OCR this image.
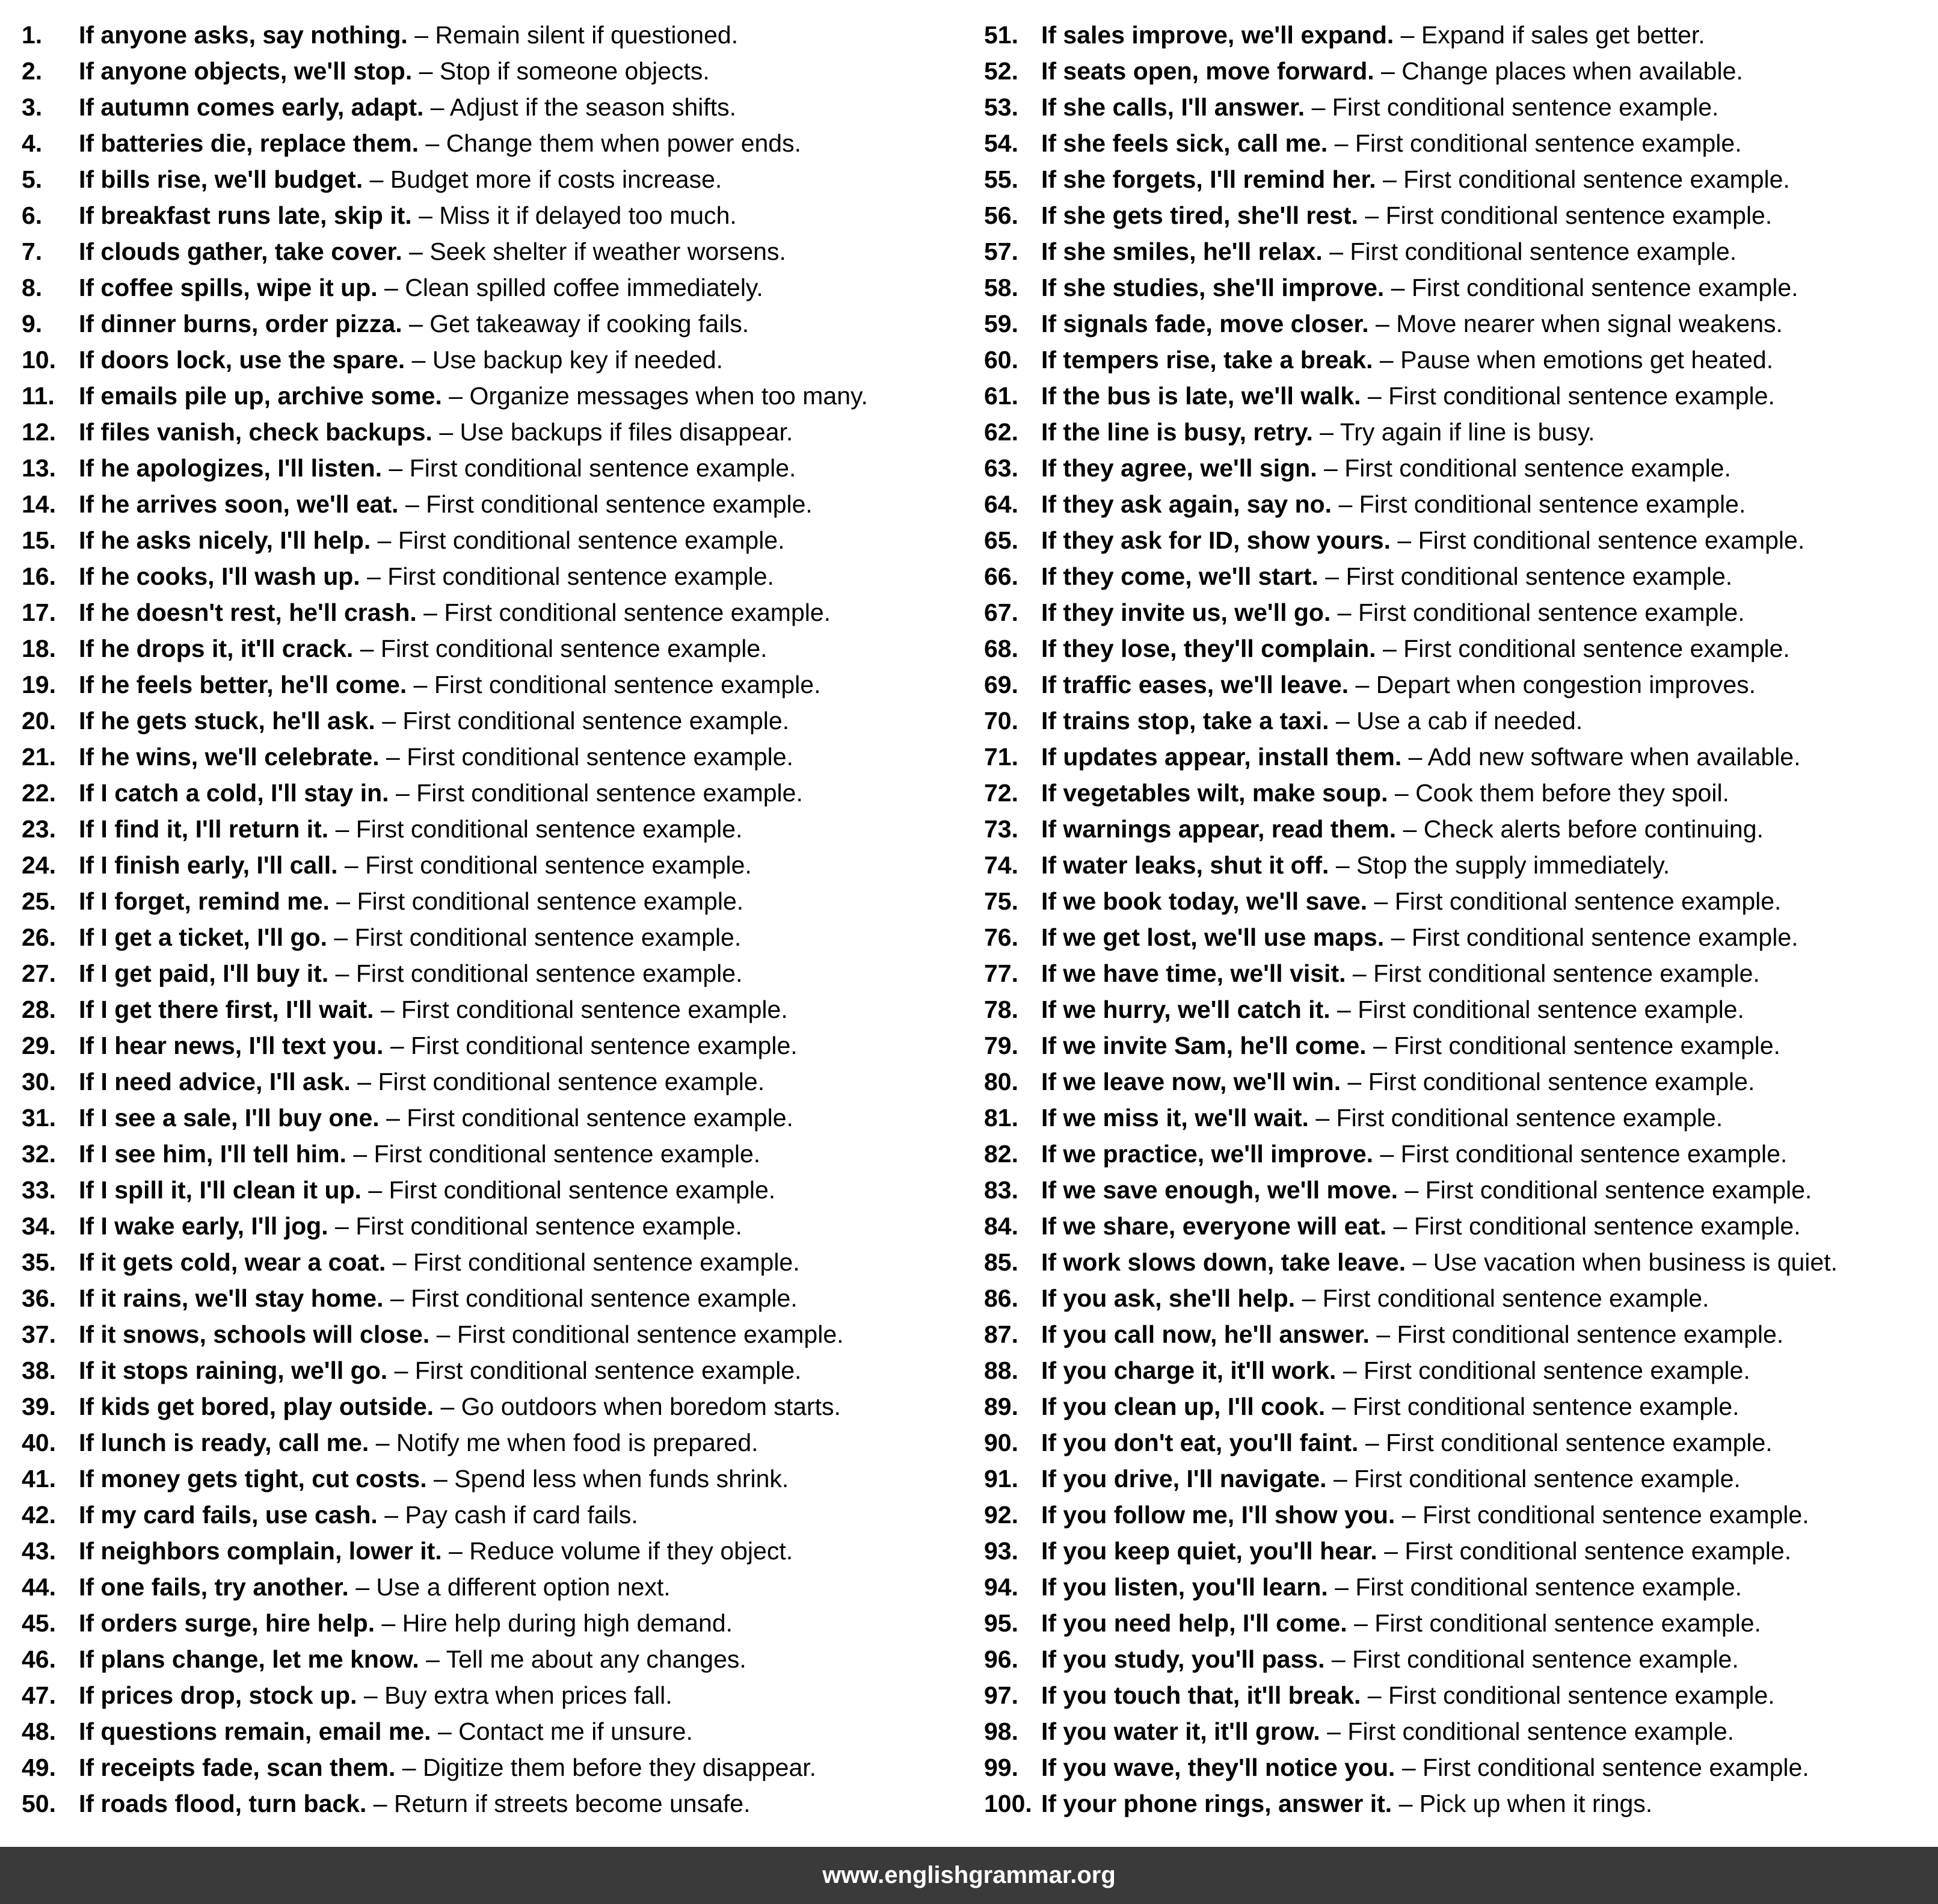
1. If anyone asks, say nothing. – Remain silent if questioned.
2. If anyone objects, we'll stop. – Stop if someone objects.
3. If autumn comes early, adapt. – Adjust if the season shifts.
4. If batteries die, replace them. – Change them when power ends.
5. If bills rise, we'll budget. – Budget more if costs increase.
6. If breakfast runs late, skip it. – Miss it if delayed too much.
7. If clouds gather, take cover. – Seek shelter if weather worsens.
8. If coffee spills, wipe it up. – Clean spilled coffee immediately.
9. If dinner burns, order pizza. – Get takeaway if cooking fails.
10. If doors lock, use the spare. – Use backup key if needed.
11. If emails pile up, archive some. – Organize messages when too many.
12. If files vanish, check backups. – Use backups if files disappear.
13. If he apologizes, I'll listen. – First conditional sentence example.
14. If he arrives soon, we'll eat. – First conditional sentence example.
15. If he asks nicely, I'll help. – First conditional sentence example.
16. If he cooks, I'll wash up. – First conditional sentence example.
17. If he doesn't rest, he'll crash. – First conditional sentence example.
18. If he drops it, it'll crack. – First conditional sentence example.
19. If he feels better, he'll come. – First conditional sentence example.
20. If he gets stuck, he'll ask. – First conditional sentence example.
21. If he wins, we'll celebrate. – First conditional sentence example.
22. If I catch a cold, I'll stay in. – First conditional sentence example.
23. If I find it, I'll return it. – First conditional sentence example.
24. If I finish early, I'll call. – First conditional sentence example.
25. If I forget, remind me. – First conditional sentence example.
26. If I get a ticket, I'll go. – First conditional sentence example.
27. If I get paid, I'll buy it. – First conditional sentence example.
28. If I get there first, I'll wait. – First conditional sentence example.
29. If I hear news, I'll text you. – First conditional sentence example.
30. If I need advice, I'll ask. – First conditional sentence example.
31. If I see a sale, I'll buy one. – First conditional sentence example.
32. If I see him, I'll tell him. – First conditional sentence example.
33. If I spill it, I'll clean it up. – First conditional sentence example.
34. If I wake early, I'll jog. – First conditional sentence example.
35. If it gets cold, wear a coat. – First conditional sentence example.
36. If it rains, we'll stay home. – First conditional sentence example.
37. If it snows, schools will close. – First conditional sentence example.
38. If it stops raining, we'll go. – First conditional sentence example.
39. If kids get bored, play outside. – Go outdoors when boredom starts.
40. If lunch is ready, call me. – Notify me when food is prepared.
41. If money gets tight, cut costs. – Spend less when funds shrink.
42. If my card fails, use cash. – Pay cash if card fails.
43. If neighbors complain, lower it. – Reduce volume if they object.
44. If one fails, try another. – Use a different option next.
45. If orders surge, hire help. – Hire help during high demand.
46. If plans change, let me know. – Tell me about any changes.
47. If prices drop, stock up. – Buy extra when prices fall.
48. If questions remain, email me. – Contact me if unsure.
49. If receipts fade, scan them. – Digitize them before they disappear.
50. If roads flood, turn back. – Return if streets become unsafe.
51. If sales improve, we'll expand. – Expand if sales get better.
52. If seats open, move forward. – Change places when available.
53. If she calls, I'll answer. – First conditional sentence example.
54. If she feels sick, call me. – First conditional sentence example.
55. If she forgets, I'll remind her. – First conditional sentence example.
56. If she gets tired, she'll rest. – First conditional sentence example.
57. If she smiles, he'll relax. – First conditional sentence example.
58. If she studies, she'll improve. – First conditional sentence example.
59. If signals fade, move closer. – Move nearer when signal weakens.
60. If tempers rise, take a break. – Pause when emotions get heated.
61. If the bus is late, we'll walk. – First conditional sentence example.
62. If the line is busy, retry. – Try again if line is busy.
63. If they agree, we'll sign. – First conditional sentence example.
64. If they ask again, say no. – First conditional sentence example.
65. If they ask for ID, show yours. – First conditional sentence example.
66. If they come, we'll start. – First conditional sentence example.
67. If they invite us, we'll go. – First conditional sentence example.
68. If they lose, they'll complain. – First conditional sentence example.
69. If traffic eases, we'll leave. – Depart when congestion improves.
70. If trains stop, take a taxi. – Use a cab if needed.
71. If updates appear, install them. – Add new software when available.
72. If vegetables wilt, make soup. – Cook them before they spoil.
73. If warnings appear, read them. – Check alerts before continuing.
74. If water leaks, shut it off. – Stop the supply immediately.
75. If we book today, we'll save. – First conditional sentence example.
76. If we get lost, we'll use maps. – First conditional sentence example.
77. If we have time, we'll visit. – First conditional sentence example.
78. If we hurry, we'll catch it. – First conditional sentence example.
79. If we invite Sam, he'll come. – First conditional sentence example.
80. If we leave now, we'll win. – First conditional sentence example.
81. If we miss it, we'll wait. – First conditional sentence example.
82. If we practice, we'll improve. – First conditional sentence example.
83. If we save enough, we'll move. – First conditional sentence example.
84. If we share, everyone will eat. – First conditional sentence example.
85. If work slows down, take leave. – Use vacation when business is quiet.
86. If you ask, she'll help. – First conditional sentence example.
87. If you call now, he'll answer. – First conditional sentence example.
88. If you charge it, it'll work. – First conditional sentence example.
89. If you clean up, I'll cook. – First conditional sentence example.
90. If you don't eat, you'll faint. – First conditional sentence example.
91. If you drive, I'll navigate. – First conditional sentence example.
92. If you follow me, I'll show you. – First conditional sentence example.
93. If you keep quiet, you'll hear. – First conditional sentence example.
94. If you listen, you'll learn. – First conditional sentence example.
95. If you need help, I'll come. – First conditional sentence example.
96. If you study, you'll pass. – First conditional sentence example.
97. If you touch that, it'll break. – First conditional sentence example.
98. If you water it, it'll grow. – First conditional sentence example.
99. If you wave, they'll notice you. – First conditional sentence example.
100. If your phone rings, answer it. – Pick up when it rings.
www.englishgrammar.org
